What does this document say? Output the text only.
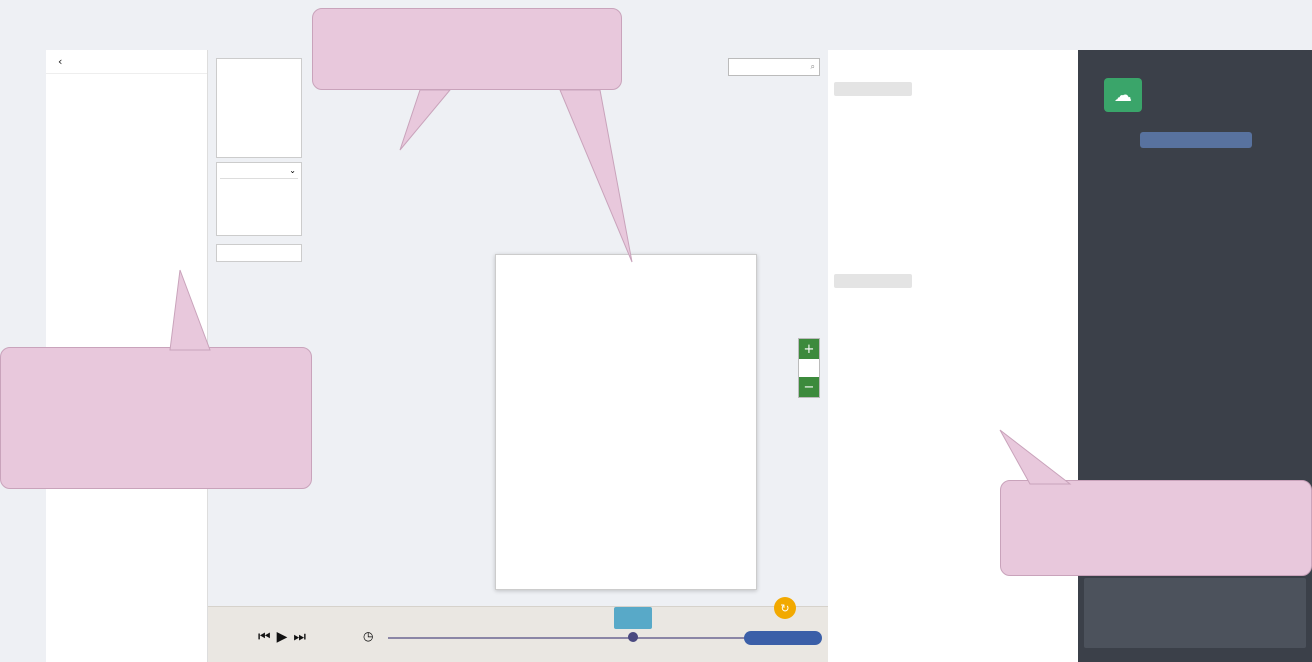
‹
⌄
⌕
+
−
↻
⏮▶⏭	◷
☁
